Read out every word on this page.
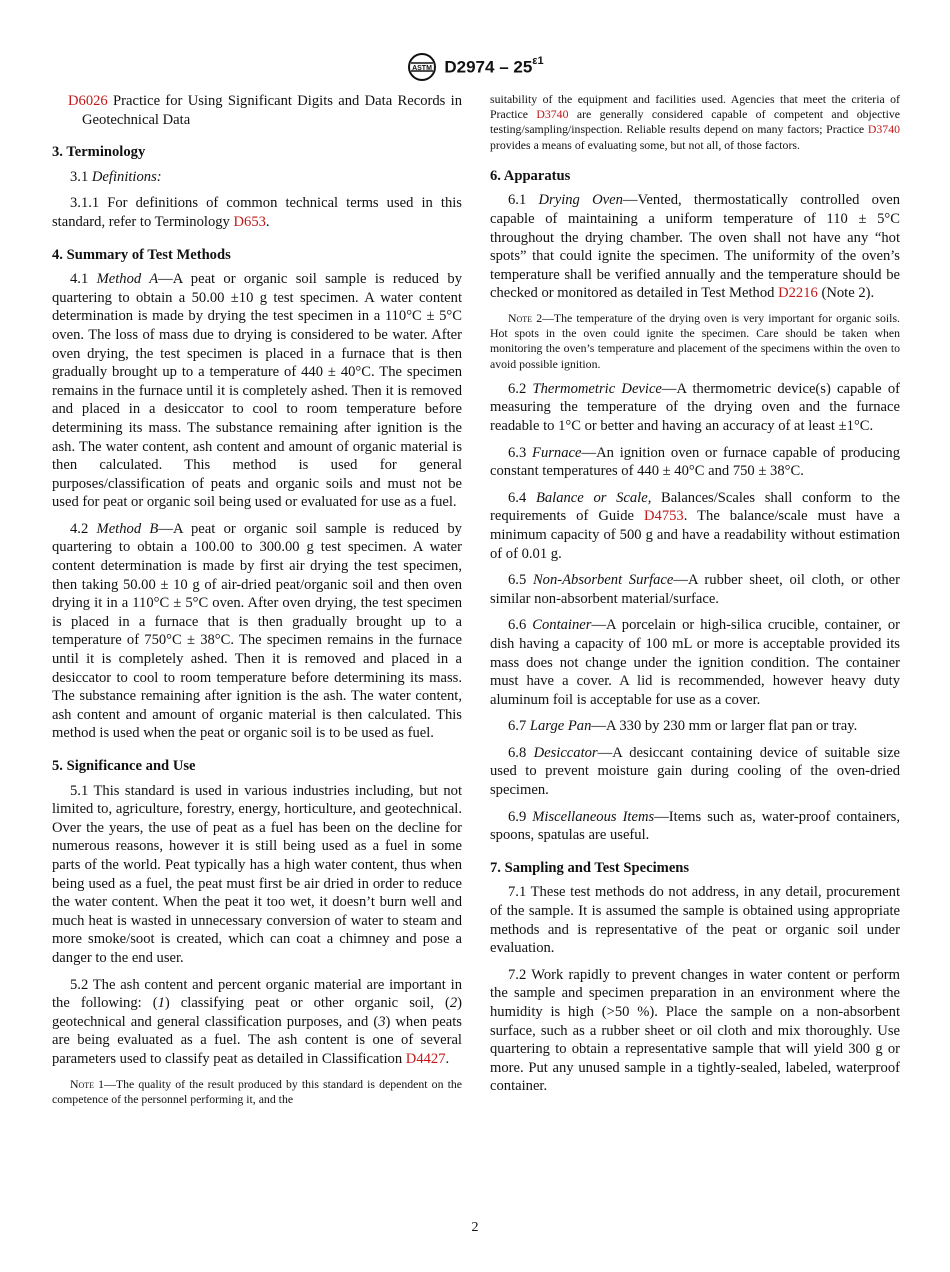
ASTM $D2974 - 25^{\varepsilon 1}$

D6026 Practice for Using Significant Digits and Data Records in Geotechnical Data

3. Terminology

3.1 Definitions:

3.1.1 For definitions of common technical terms used in this standard, refer to Terminology D653.

4. Summary of Test Methods

4.1 Method A—A peat or organic soil sample is reduced by quartering to obtain a 50.00 ±10 g test specimen. A water content determination is made by drying the test specimen in a 110°C ± 5°C oven. The loss of mass due to drying is considered to be water. After oven drying, the test specimen is placed in a furnace that is then gradually brought up to a temperature of 440 ± 40°C. The specimen remains in the furnace until it is completely ashed. Then it is removed and placed in a desiccator to cool to room temperature before determining its mass. The substance remaining after ignition is the ash. The water content, ash content and amount of organic material is then calculated. This method is used for general purposes/classification of peats and organic soils and must not be used for peat or organic soil being used or evaluated for use as a fuel.

4.2 Method B—A peat or organic soil sample is reduced by quartering to obtain a 100.00 to 300.00 g test specimen. A water content determination is made by first air drying the test specimen, then taking 50.00 ± 10 g of air-dried peat/organic soil and then oven drying it in a 110°C ± 5°C oven. After oven drying, the test specimen is placed in a furnace that is then gradually brought up to a temperature of 750°C ± 38°C. The specimen remains in the furnace until it is completely ashed. Then it is removed and placed in a desiccator to cool to room temperature before determining its mass. The substance remaining after ignition is the ash. The water content, ash content and amount of organic material is then calculated. This method is used when the peat or organic soil is to be used as fuel.

5. Significance and Use

5.1 This standard is used in various industries including, but not limited to, agriculture, forestry, energy, horticulture, and geotechnical. Over the years, the use of peat as a fuel has been on the decline for numerous reasons, however it is still being used as a fuel in some parts of the world. Peat typically has a high water content, thus when being used as a fuel, the peat must first be air dried in order to reduce the water content. When the peat it too wet, it doesn’t burn well and much heat is wasted in unnecessary conversion of water to steam and more smoke/soot is created, which can coat a chimney and pose a danger to the end user.

5.2 The ash content and percent organic material are important in the following: (1) classifying peat or other organic soil, (2) geotechnical and general classification purposes, and (3) when peats are being evaluated as a fuel. The ash content is one of several parameters used to classify peat as detailed in Classification D4427.

Note 1—The quality of the result produced by this standard is dependent on the competence of the personnel performing it, and the

suitability of the equipment and facilities used. Agencies that meet the criteria of Practice D3740 are generally considered capable of competent and objective testing/sampling/inspection. Reliable results depend on many factors; Practice D3740 provides a means of evaluating some, but not all, of those factors.

6. Apparatus

6.1 Drying Oven—Vented, thermostatically controlled oven capable of maintaining a uniform temperature of 110 ± 5°C throughout the drying chamber. The oven shall not have any “hot spots” that could ignite the specimen. The uniformity of the oven’s temperature shall be verified annually and the temperature should be checked or monitored as detailed in Test Method D2216 (Note 2).

Note 2—The temperature of the drying oven is very important for organic soils. Hot spots in the oven could ignite the specimen. Care should be taken when monitoring the oven’s temperature and placement of the specimens within the oven to avoid possible ignition.

6.2 Thermometric Device—A thermometric device(s) capable of measuring the temperature of the drying oven and the furnace readable to 1°C or better and having an accuracy of at least ±1°C.

6.3 Furnace—An ignition oven or furnace capable of producing constant temperatures of 440 ± 40°C and 750 ± 38°C.

6.4 Balance or Scale, Balances/Scales shall conform to the requirements of Guide D4753. The balance/scale must have a minimum capacity of 500 g and have a readability without estimation of of 0.01 g.

6.5 Non-Absorbent Surface—A rubber sheet, oil cloth, or other similar non-absorbent material/surface.

6.6 Container—A porcelain or high-silica crucible, container, or dish having a capacity of 100 mL or more is acceptable provided its mass does not change under the ignition condition. The container must have a cover. A lid is recommended, however heavy duty aluminum foil is acceptable for use as a cover.

6.7 Large Pan—A 330 by 230 mm or larger flat pan or tray.

6.8 Desiccator—A desiccant containing device of suitable size used to prevent moisture gain during cooling of the oven-dried specimen.

6.9 Miscellaneous Items—Items such as, water-proof containers, spoons, spatulas are useful.

7. Sampling and Test Specimens

7.1 These test methods do not address, in any detail, procurement of the sample. It is assumed the sample is obtained using appropriate methods and is representative of the peat or organic soil under evaluation.

7.2 Work rapidly to prevent changes in water content or perform the sample and specimen preparation in an environment where the humidity is high (>50 %). Place the sample on a non-absorbent surface, such as a rubber sheet or oil cloth and mix thoroughly. Use quartering to obtain a representative sample that will yield 300 g or more. Put any unused sample in a tightly-sealed, labeled, waterproof container.

2
